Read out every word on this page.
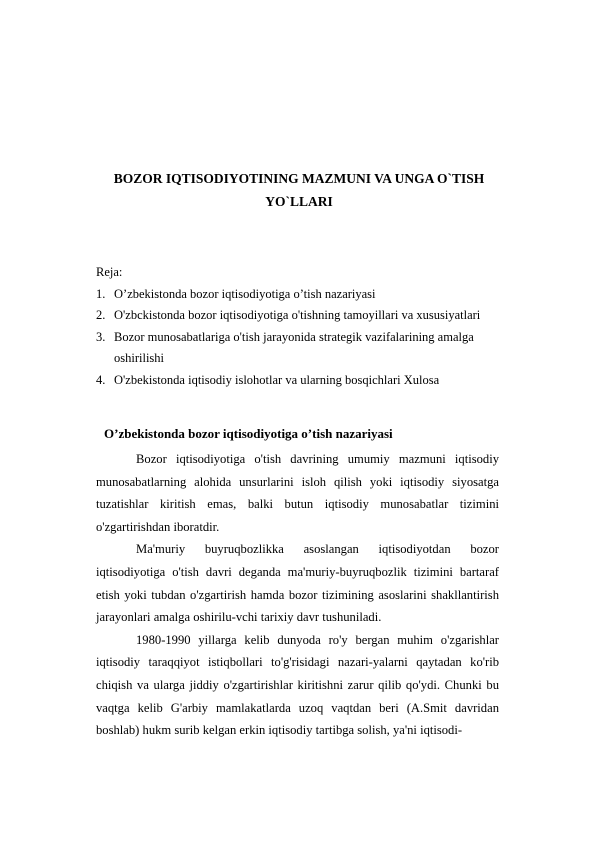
BOZOR IQTISODIYOTINING MAZMUNI VA UNGA O`TISH
YO`LLARI
Reja:
1. O’zbekistonda bozor iqtisodiyotiga o’tish nazariyasi
2. O'zbckistonda bozor iqtisodiyotiga o'tishning tamoyillari va xususiyatlari
3. Bozor munosabatlariga o'tish jarayonida strategik vazifalarining amalga
oshirilishi
4. O'zbekistonda iqtisodiy islohotlar va ularning bosqichlari Xulosa
O’zbekistonda bozor iqtisodiyotiga o’tish nazariyasi

Bozor iqtisodiyotiga o'tish davrining umumiy mazmuni iqtisodiy munosabatlarning alohida unsurlarini isloh qilish yoki iqtisodiy siyosatga tuzatishlar kiritish emas, balki butun iqtisodiy munosabatlar tizimini o'zgartirishdan iboratdir.

Ma'muriy buyruqbozlikka asoslangan iqtisodiyotdan bozor iqtisodiyotiga o'tish davri deganda ma'muriy-buyruqbozlik tizimini bartaraf etish yoki tubdan o'zgartirish hamda bozor tizimining asoslarini shakllantirish jarayonlari amalga oshirilu-vchi tarixiy davr tushuniladi.

1980-1990 yillarga kelib dunyoda ro'y bergan muhim o'zgarishlar iqtisodiy taraqqiyot istiqbollari to'g'risidagi nazari-yalarni qaytadan ko'rib chiqish va ularga jiddiy o'zgartirishlar kiritishni zarur qilib qo'ydi. Chunki bu vaqtga kelib G'arbiy mamlakatlarda uzoq vaqtdan beri (A.Smit davridan boshlab) hukm surib kelgan erkin iqtisodiy tartibga solish, ya'ni iqtisodi-
